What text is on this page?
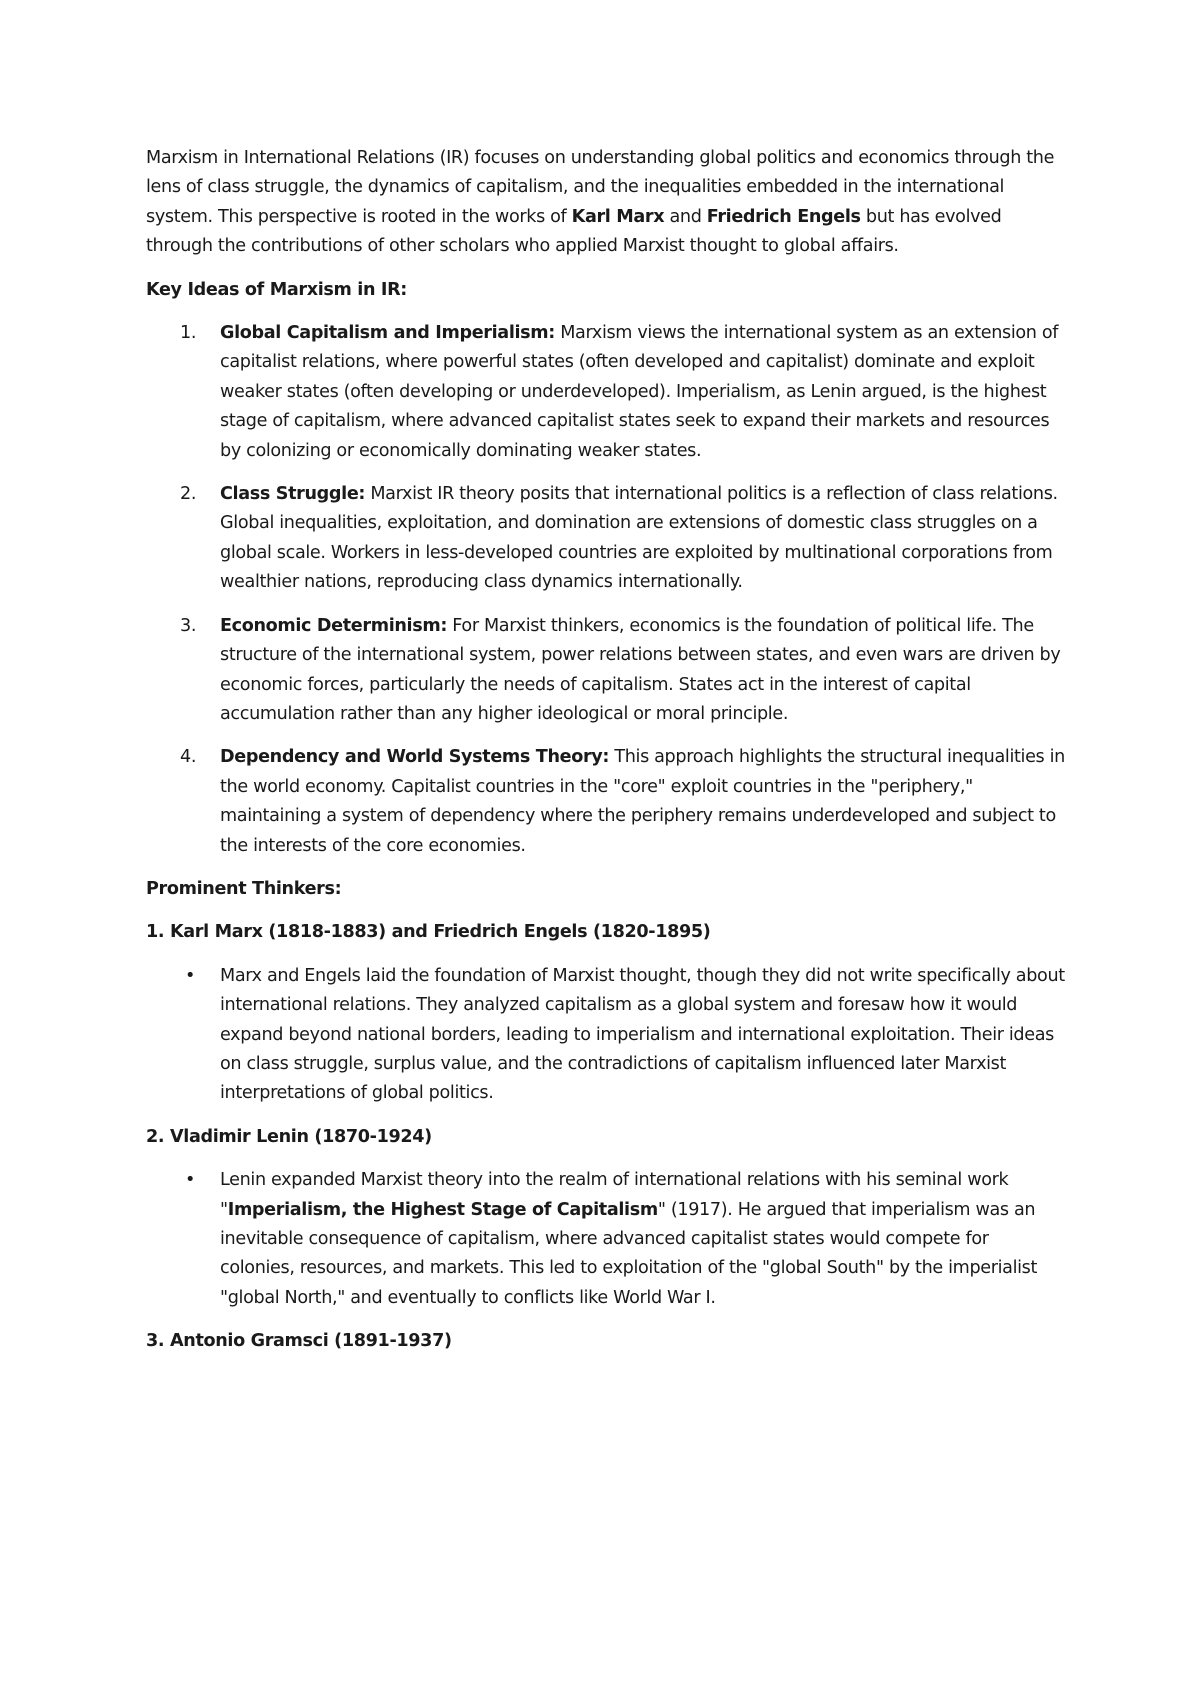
Marxism in International Relations (IR) focuses on understanding global politics and economics through the lens of class struggle, the dynamics of capitalism, and the inequalities embedded in the international system. This perspective is rooted in the works of Karl Marx and Friedrich Engels but has evolved through the contributions of other scholars who applied Marxist thought to global affairs.

Key Ideas of Marxism in IR:

1. Global Capitalism and Imperialism: Marxism views the international system as an extension of capitalist relations, where powerful states (often developed and capitalist) dominate and exploit weaker states (often developing or underdeveloped). Imperialism, as Lenin argued, is the highest stage of capitalism, where advanced capitalist states seek to expand their markets and resources by colonizing or economically dominating weaker states.
2. Class Struggle: Marxist IR theory posits that international politics is a reflection of class relations. Global inequalities, exploitation, and domination are extensions of domestic class struggles on a global scale. Workers in less-developed countries are exploited by multinational corporations from wealthier nations, reproducing class dynamics internationally.
3. Economic Determinism: For Marxist thinkers, economics is the foundation of political life. The structure of the international system, power relations between states, and even wars are driven by economic forces, particularly the needs of capitalism. States act in the interest of capital accumulation rather than any higher ideological or moral principle.
4. Dependency and World Systems Theory: This approach highlights the structural inequalities in the world economy. Capitalist countries in the "core" exploit countries in the "periphery," maintaining a system of dependency where the periphery remains underdeveloped and subject to the interests of the core economies.

Prominent Thinkers:

1. Karl Marx (1818-1883) and Friedrich Engels (1820-1895)

• Marx and Engels laid the foundation of Marxist thought, though they did not write specifically about international relations. They analyzed capitalism as a global system and foresaw how it would expand beyond national borders, leading to imperialism and international exploitation. Their ideas on class struggle, surplus value, and the contradictions of capitalism influenced later Marxist interpretations of global politics.

2. Vladimir Lenin (1870-1924)

• Lenin expanded Marxist theory into the realm of international relations with his seminal work "Imperialism, the Highest Stage of Capitalism" (1917). He argued that imperialism was an inevitable consequence of capitalism, where advanced capitalist states would compete for colonies, resources, and markets. This led to exploitation of the "global South" by the imperialist "global North," and eventually to conflicts like World War I.

3. Antonio Gramsci (1891-1937)
